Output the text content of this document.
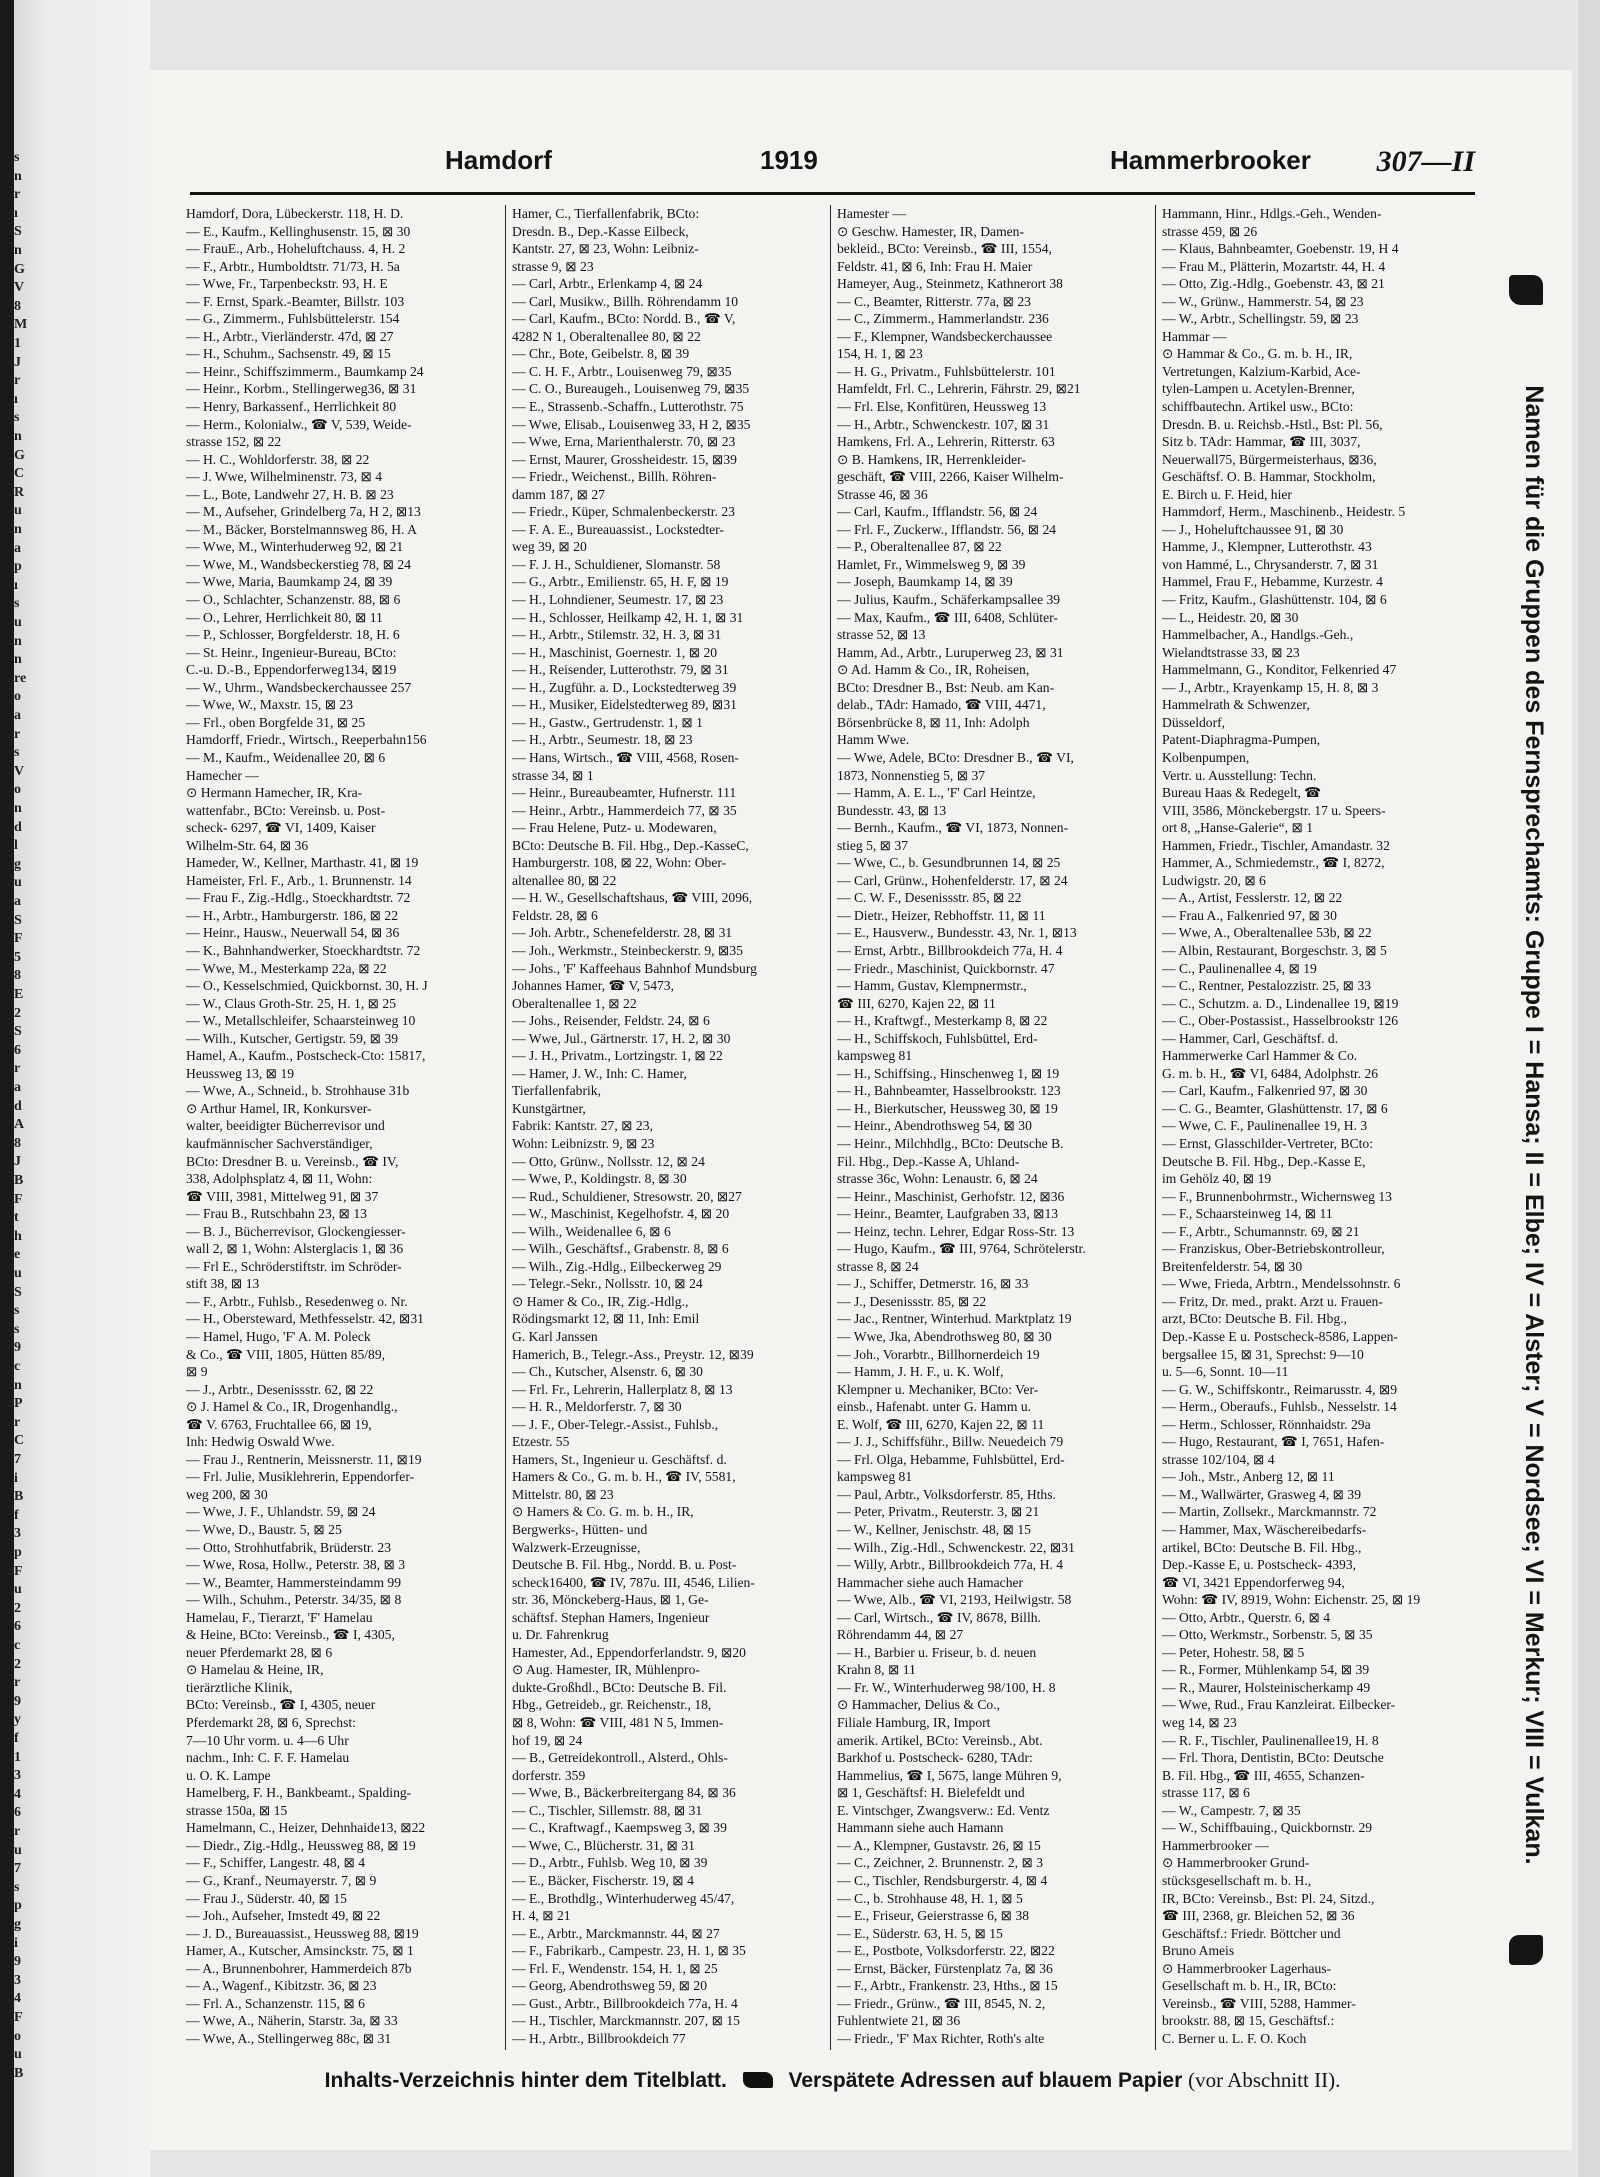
s
n
r
ı
S
n
G
V
8
M
1
J
r
ı
s
n
G
C
R
u
n
a
p
ı
s
u
n
n
re
o
a
r
s
V
o
n
d
l
g
u
a
S
F
5
8
E
2
S
6
r
a
d
A
8
J
B
F
t
h
e
u
S
s
s
9
c
n
P
r
C
7
i
B
f
3
p
F
u
2
6
c
2
r
9
y
f
1
3
4
6
r
u
7
s
p
g
i
9
3
4
F
o
u
B
Hamdorf	1919	Hammerbrooker 307—II
Hamdorf, Dora, Lübeckerstr. 118, H. D.
— E., Kaufm., Kellinghusenstr. 15, ⊠ 30
— FrauE., Arb., Hoheluftchauss. 4, H. 2
— F., Arbtr., Humboldtstr. 71/73, H. 5a
— Wwe, Fr., Tarpenbeckstr. 93, H. E
— F. Ernst, Spark.-Beamter, Billstr. 103
— G., Zimmerm., Fuhlsbüttelerstr. 154
— H., Arbtr., Vierländerstr. 47d, ⊠ 27
— H., Schuhm., Sachsenstr. 49, ⊠ 15
— Heinr., Schiffszimmerm., Baumkamp 24
— Heinr., Korbm., Stellingerweg36, ⊠ 31
— Henry, Barkassenf., Herrlichkeit 80
— Herm., Kolonialw., ☎ V, 539, Weide-
strasse 152, ⊠ 22
— H. C., Wohldorferstr. 38, ⊠ 22
— J. Wwe, Wilhelminenstr. 73, ⊠ 4
— L., Bote, Landwehr 27, H. B. ⊠ 23
— M., Aufseher, Grindelberg 7a, H 2, ⊠13
— M., Bäcker, Borstelmannsweg 86, H. A
— Wwe, M., Winterhuderweg 92, ⊠ 21
— Wwe, M., Wandsbeckerstieg 78, ⊠ 24
— Wwe, Maria, Baumkamp 24, ⊠ 39
— O., Schlachter, Schanzenstr. 88, ⊠ 6
— O., Lehrer, Herrlichkeit 80, ⊠ 11
— P., Schlosser, Borgfelderstr. 18, H. 6
— St. Heinr., Ingenieur-Bureau, BCto:
C.-u. D.-B., Eppendorferweg134, ⊠19
— W., Uhrm., Wandsbeckerchaussee 257
— Wwe, W., Maxstr. 15, ⊠ 23
— Frl., oben Borgfelde 31, ⊠ 25
Hamdorff, Friedr., Wirtsch., Reeperbahn156
— M., Kaufm., Weidenallee 20, ⊠ 6
Hamecher —
⊙ Hermann Hamecher, IR, Kra-
wattenfabr., BCto: Vereinsb. u. Post-
scheck- 6297, ☎ VI, 1409, Kaiser
Wilhelm-Str. 64, ⊠ 36
Hameder, W., Kellner, Marthastr. 41, ⊠ 19
Hameister, Frl. F., Arb., 1. Brunnenstr. 14
— Frau F., Zig.-Hdlg., Stoeckhardtstr. 72
— H., Arbtr., Hamburgerstr. 186, ⊠ 22
— Heinr., Hausw., Neuerwall 54, ⊠ 36
— K., Bahnhandwerker, Stoeckhardtstr. 72
— Wwe, M., Mesterkamp 22a, ⊠ 22
— O., Kesselschmied, Quickbornst. 30, H. J
— W., Claus Groth-Str. 25, H. 1, ⊠ 25
— W., Metallschleifer, Schaarsteinweg 10
— Wilh., Kutscher, Gertigstr. 59, ⊠ 39
Hamel, A., Kaufm., Postscheck-Cto: 15817,
Heussweg 13, ⊠ 19
— Wwe, A., Schneid., b. Strohhause 31b
⊙ Arthur Hamel, IR, Konkursver-
walter, beeidigter Bücherrevisor und
kaufmännischer Sachverständiger,
BCto: Dresdner B. u. Vereinsb., ☎ IV,
338, Adolphsplatz 4, ⊠ 11, Wohn:
☎ VIII, 3981, Mittelweg 91, ⊠ 37
— Frau B., Rutschbahn 23, ⊠ 13
— B. J., Bücherrevisor, Glockengiesser-
wall 2, ⊠ 1, Wohn: Alsterglacis 1, ⊠ 36
— Frl E., Schröderstiftstr. im Schröder-
stift 38, ⊠ 13
— F., Arbtr., Fuhlsb., Resedenweg o. Nr.
— H., Obersteward, Methfesselstr. 42, ⊠31
— Hamel, Hugo, 'F' A. M. Poleck
& Co., ☎ VIII, 1805, Hütten 85/89,
⊠ 9
— J., Arbtr., Desenissstr. 62, ⊠ 22
⊙ J. Hamel & Co., IR, Drogenhandlg.,
☎ V. 6763, Fruchtallee 66, ⊠ 19,
Inh: Hedwig Oswald Wwe.
— Frau J., Rentnerin, Meissnerstr. 11, ⊠19
— Frl. Julie, Musiklehrerin, Eppendorfer-
weg 200, ⊠ 30
— Wwe, J. F., Uhlandstr. 59, ⊠ 24
— Wwe, D., Baustr. 5, ⊠ 25
— Otto, Strohhutfabrik, Brüderstr. 23
— Wwe, Rosa, Hollw., Peterstr. 38, ⊠ 3
— W., Beamter, Hammersteindamm 99
— Wilh., Schuhm., Peterstr. 34/35, ⊠ 8
Hamelau, F., Tierarzt, 'F' Hamelau
& Heine, BCto: Vereinsb., ☎ I, 4305,
neuer Pferdemarkt 28, ⊠ 6
⊙ Hamelau & Heine, IR,
tierärztliche Klinik,
BCto: Vereinsb., ☎ I, 4305, neuer
Pferdemarkt 28, ⊠ 6, Sprechst:
7—10 Uhr vorm. u. 4—6 Uhr
nachm., Inh: C. F. F. Hamelau
u. O. K. Lampe
Hamelberg, F. H., Bankbeamt., Spalding-
strasse 150a, ⊠ 15
Hamelmann, C., Heizer, Dehnhaide13, ⊠22
— Diedr., Zig.-Hdlg., Heussweg 88, ⊠ 19
— F., Schiffer, Langestr. 48, ⊠ 4
— G., Kranf., Neumayerstr. 7, ⊠ 9
— Frau J., Süderstr. 40, ⊠ 15
— Joh., Aufseher, Imstedt 49, ⊠ 22
— J. D., Bureauassist., Heussweg 88, ⊠19
Hamer, A., Kutscher, Amsinckstr. 75, ⊠ 1
— A., Brunnenbohrer, Hammerdeich 87b
— A., Wagenf., Kibitzstr. 36, ⊠ 23
— Frl. A., Schanzenstr. 115, ⊠ 6
— Wwe, A., Näherin, Starstr. 3a, ⊠ 33
— Wwe, A., Stellingerweg 88c, ⊠ 31
Hamer, C., Tierfallenfabrik, BCto:
Dresdn. B., Dep.-Kasse Eilbeck,
Kantstr. 27, ⊠ 23, Wohn: Leibniz-
strasse 9, ⊠ 23
— Carl, Arbtr., Erlenkamp 4, ⊠ 24
— Carl, Musikw., Billh. Röhrendamm 10
— Carl, Kaufm., BCto: Nordd. B., ☎ V,
4282 N 1, Oberaltenallee 80, ⊠ 22
— Chr., Bote, Geibelstr. 8, ⊠ 39
— C. H. F., Arbtr., Louisenweg 79, ⊠35
— C. O., Bureaugeh., Louisenweg 79, ⊠35
— E., Strassenb.-Schaffn., Lutterothstr. 75
— Wwe, Elisab., Louisenweg 33, H 2, ⊠35
— Wwe, Erna, Marienthalerstr. 70, ⊠ 23
— Ernst, Maurer, Grossheidestr. 15, ⊠39
— Friedr., Weichenst., Billh. Röhren-
damm 187, ⊠ 27
— Friedr., Küper, Schmalenbeckerstr. 23
— F. A. E., Bureauassist., Lockstedter-
weg 39, ⊠ 20
— F. J. H., Schuldiener, Slomanstr. 58
— G., Arbtr., Emilienstr. 65, H. F, ⊠ 19
— H., Lohndiener, Seumestr. 17, ⊠ 23
— H., Schlosser, Heilkamp 42, H. 1, ⊠ 31
— H., Arbtr., Stilemstr. 32, H. 3, ⊠ 31
— H., Maschinist, Goernestr. 1, ⊠ 20
— H., Reisender, Lutterothstr. 79, ⊠ 31
— H., Zugführ. a. D., Lockstedterweg 39
— H., Musiker, Eidelstedterweg 89, ⊠31
— H., Gastw., Gertrudenstr. 1, ⊠ 1
— H., Arbtr., Seumestr. 18, ⊠ 23
— Hans, Wirtsch., ☎ VIII, 4568, Rosen-
strasse 34, ⊠ 1
— Heinr., Bureaubeamter, Hufnerstr. 111
— Heinr., Arbtr., Hammerdeich 77, ⊠ 35
— Frau Helene, Putz- u. Modewaren,
BCto: Deutsche B. Fil. Hbg., Dep.-KasseC,
Hamburgerstr. 108, ⊠ 22, Wohn: Ober-
altenallee 80, ⊠ 22
— H. W., Gesellschaftshaus, ☎ VIII, 2096,
Feldstr. 28, ⊠ 6
— Joh. Arbtr., Schenefelderstr. 28, ⊠ 31
— Joh., Werkmstr., Steinbeckerstr. 9, ⊠35
— Johs., 'F' Kaffeehaus Bahnhof Mundsburg
Johannes Hamer, ☎ V, 5473,
Oberaltenallee 1, ⊠ 22
— Johs., Reisender, Feldstr. 24, ⊠ 6
— Wwe, Jul., Gärtnerstr. 17, H. 2, ⊠ 30
— J. H., Privatm., Lortzingstr. 1, ⊠ 22
— Hamer, J. W., Inh: C. Hamer,
Tierfallenfabrik,
Kunstgärtner,
Fabrik: Kantstr. 27, ⊠ 23,
Wohn: Leibnizstr. 9, ⊠ 23
— Otto, Grünw., Nollsstr. 12, ⊠ 24
— Wwe, P., Koldingstr. 8, ⊠ 30
— Rud., Schuldiener, Stresowstr. 20, ⊠27
— W., Maschinist, Kegelhofstr. 4, ⊠ 20
— Wilh., Weidenallee 6, ⊠ 6
— Wilh., Geschäftsf., Grabenstr. 8, ⊠ 6
— Wilh., Zig.-Hdlg., Eilbeckerweg 29
— Telegr.-Sekr., Nollsstr. 10, ⊠ 24
⊙ Hamer & Co., IR, Zig.-Hdlg.,
Rödingsmarkt 12, ⊠ 11, Inh: Emil
G. Karl Janssen
Hamerich, B., Telegr.-Ass., Preystr. 12, ⊠39
— Ch., Kutscher, Alsenstr. 6, ⊠ 30
— Frl. Fr., Lehrerin, Hallerplatz 8, ⊠ 13
— H. R., Meldorferstr. 7, ⊠ 30
— J. F., Ober-Telegr.-Assist., Fuhlsb.,
Etzestr. 55
Hamers, St., Ingenieur u. Geschäftsf. d.
Hamers & Co., G. m. b. H., ☎ IV, 5581,
Mittelstr. 80, ⊠ 23
⊙ Hamers & Co. G. m. b. H., IR,
Bergwerks-, Hütten- und
Walzwerk-Erzeugnisse,
Deutsche B. Fil. Hbg., Nordd. B. u. Post-
scheck16400, ☎ IV, 787u. III, 4546, Lilien-
str. 36, Mönckeberg-Haus, ⊠ 1, Ge-
schäftsf. Stephan Hamers, Ingenieur
u. Dr. Fahrenkrug
Hamester, Ad., Eppendorferlandstr. 9, ⊠20
⊙ Aug. Hamester, IR, Mühlenpro-
dukte-Großhdl., BCto: Deutsche B. Fil.
Hbg., Getreideb., gr. Reichenstr., 18,
⊠ 8, Wohn: ☎ VIII, 481 N 5, Immen-
hof 19, ⊠ 24
— B., Getreidekontroll., Alsterd., Ohls-
dorferstr. 359
— Wwe, B., Bäckerbreitergang 84, ⊠ 36
— C., Tischler, Sillemstr. 88, ⊠ 31
— C., Kraftwagf., Kaempsweg 3, ⊠ 39
— Wwe, C., Blücherstr. 31, ⊠ 31
— D., Arbtr., Fuhlsb. Weg 10, ⊠ 39
— E., Bäcker, Fischerstr. 19, ⊠ 4
— E., Brothdlg., Winterhuderweg 45/47,
H. 4, ⊠ 21
— E., Arbtr., Marckmannstr. 44, ⊠ 27
— F., Fabrikarb., Campestr. 23, H. 1, ⊠ 35
— Frl. F., Wendenstr. 154, H. 1, ⊠ 25
— Georg, Abendrothsweg 59, ⊠ 20
— Gust., Arbtr., Billbrookdeich 77a, H. 4
— H., Tischler, Marckmannstr. 207, ⊠ 15
— H., Arbtr., Billbrookdeich 77
Hamester —
⊙ Geschw. Hamester, IR, Damen-
bekleid., BCto: Vereinsb., ☎ III, 1554,
Feldstr. 41, ⊠ 6, Inh: Frau H. Maier
Hameyer, Aug., Steinmetz, Kathnerort 38
— C., Beamter, Ritterstr. 77a, ⊠ 23
— C., Zimmerm., Hammerlandstr. 236
— F., Klempner, Wandsbeckerchaussee
154, H. 1, ⊠ 23
— H. G., Privatm., Fuhlsbüttelerstr. 101
Hamfeldt, Frl. C., Lehrerin, Fährstr. 29, ⊠21
— Frl. Else, Konfitüren, Heussweg 13
— H., Arbtr., Schwenckestr. 107, ⊠ 31
Hamkens, Frl. A., Lehrerin, Ritterstr. 63
⊙ B. Hamkens, IR, Herrenkleider-
geschäft, ☎ VIII, 2266, Kaiser Wilhelm-
Strasse 46, ⊠ 36
— Carl, Kaufm., Ifflandstr. 56, ⊠ 24
— Frl. F., Zuckerw., Ifflandstr. 56, ⊠ 24
— P., Oberaltenallee 87, ⊠ 22
Hamlet, Fr., Wimmelsweg 9, ⊠ 39
— Joseph, Baumkamp 14, ⊠ 39
— Julius, Kaufm., Schäferkampsallee 39
— Max, Kaufm., ☎ III, 6408, Schlüter-
strasse 52, ⊠ 13
Hamm, Ad., Arbtr., Luruperweg 23, ⊠ 31
⊙ Ad. Hamm & Co., IR, Roheisen,
BCto: Dresdner B., Bst: Neub. am Kan-
delab., TAdr: Hamado, ☎ VIII, 4471,
Börsenbrücke 8, ⊠ 11, Inh: Adolph
Hamm Wwe.
— Wwe, Adele, BCto: Dresdner B., ☎ VI,
1873, Nonnenstieg 5, ⊠ 37
— Hamm, A. E. L., 'F' Carl Heintze,
Bundesstr. 43, ⊠ 13
— Bernh., Kaufm., ☎ VI, 1873, Nonnen-
stieg 5, ⊠ 37
— Wwe, C., b. Gesundbrunnen 14, ⊠ 25
— Carl, Grünw., Hohenfelderstr. 17, ⊠ 24
— C. W. F., Desenissstr. 85, ⊠ 22
— Dietr., Heizer, Rebhoffstr. 11, ⊠ 11
— E., Hausverw., Bundesstr. 43, Nr. 1, ⊠13
— Ernst, Arbtr., Billbrookdeich 77a, H. 4
— Friedr., Maschinist, Quickbornstr. 47
— Hamm, Gustav, Klempnermstr.,
☎ III, 6270, Kajen 22, ⊠ 11
— H., Kraftwgf., Mesterkamp 8, ⊠ 22
— H., Schiffskoch, Fuhlsbüttel, Erd-
kampsweg 81
— H., Schiffsing., Hinschenweg 1, ⊠ 19
— H., Bahnbeamter, Hasselbrookstr. 123
— H., Bierkutscher, Heussweg 30, ⊠ 19
— Heinr., Abendrothsweg 54, ⊠ 30
— Heinr., Milchhdlg., BCto: Deutsche B.
Fil. Hbg., Dep.-Kasse A, Uhland-
strasse 36c, Wohn: Lenaustr. 6, ⊠ 24
— Heinr., Maschinist, Gerhofstr. 12, ⊠36
— Heinr., Beamter, Laufgraben 33, ⊠13
— Heinz, techn. Lehrer, Edgar Ross-Str. 13
— Hugo, Kaufm., ☎ III, 9764, Schrötelerstr.
strasse 8, ⊠ 24
— J., Schiffer, Detmerstr. 16, ⊠ 33
— J., Desenissstr. 85, ⊠ 22
— Jac., Rentner, Winterhud. Marktplatz 19
— Wwe, Jka, Abendrothsweg 80, ⊠ 30
— Joh., Vorarbtr., Billhornerdeich 19
— Hamm, J. H. F., u. K. Wolf,
Klempner u. Mechaniker, BCto: Ver-
einsb., Hafenabt. unter G. Hamm u.
E. Wolf, ☎ III, 6270, Kajen 22, ⊠ 11
— J. J., Schiffsführ., Billw. Neuedeich 79
— Frl. Olga, Hebamme, Fuhlsbüttel, Erd-
kampsweg 81
— Paul, Arbtr., Volksdorferstr. 85, Hths.
— Peter, Privatm., Reuterstr. 3, ⊠ 21
— W., Kellner, Jenischstr. 48, ⊠ 15
— Wilh., Zig.-Hdl., Schwenckestr. 22, ⊠31
— Willy, Arbtr., Billbrookdeich 77a, H. 4
Hammacher siehe auch Hamacher
— Wwe, Alb., ☎ VI, 2193, Heilwigstr. 58
— Carl, Wirtsch., ☎ IV, 8678, Billh.
Röhrendamm 44, ⊠ 27
— H., Barbier u. Friseur, b. d. neuen
Krahn 8, ⊠ 11
— Fr. W., Winterhuderweg 98/100, H. 8
⊙ Hammacher, Delius & Co.,
Filiale Hamburg, IR, Import
amerik. Artikel, BCto: Vereinsb., Abt.
Barkhof u. Postscheck- 6280, TAdr:
Hammelius, ☎ I, 5675, lange Mühren 9,
⊠ 1, Geschäftsf: H. Bielefeldt und
E. Vintschger, Zwangsverw.: Ed. Ventz
Hammann siehe auch Hamann
— A., Klempner, Gustavstr. 26, ⊠ 15
— C., Zeichner, 2. Brunnenstr. 2, ⊠ 3
— C., Tischler, Rendsburgerstr. 4, ⊠ 4
— C., b. Strohhause 48, H. 1, ⊠ 5
— E., Friseur, Geierstrasse 6, ⊠ 38
— E., Süderstr. 63, H. 5, ⊠ 15
— E., Postbote, Volksdorferstr. 22, ⊠22
— Ernst, Bäcker, Fürstenplatz 7a, ⊠ 36
— F., Arbtr., Frankenstr. 23, Hths., ⊠ 15
— Friedr., Grünw., ☎ III, 8545, N. 2,
Fuhlentwiete 21, ⊠ 36
— Friedr., 'F' Max Richter, Roth's alte
Hammann, Hinr., Hdlgs.-Geh., Wenden-
strasse 459, ⊠ 26
— Klaus, Bahnbeamter, Goebenstr. 19, H 4
— Frau M., Plätterin, Mozartstr. 44, H. 4
— Otto, Zig.-Hdlg., Goebenstr. 43, ⊠ 21
— W., Grünw., Hammerstr. 54, ⊠ 23
— W., Arbtr., Schellingstr. 59, ⊠ 23
Hammar —
⊙ Hammar & Co., G. m. b. H., IR,
Vertretungen, Kalzium-Karbid, Ace-
tylen-Lampen u. Acetylen-Brenner,
schiffbautechn. Artikel usw., BCto:
Dresdn. B. u. Reichsb.-Hstl., Bst: Pl. 56,
Sitz b. TAdr: Hammar, ☎ III, 3037,
Neuerwall75, Bürgermeisterhaus, ⊠36,
Geschäftsf. O. B. Hammar, Stockholm,
E. Birch u. F. Heid, hier
Hammdorf, Herm., Maschinenb., Heidestr. 5
— J., Hoheluftchaussee 91, ⊠ 30
Hamme, J., Klempner, Lutterothstr. 43
von Hammé, L., Chrysanderstr. 7, ⊠ 31
Hammel, Frau F., Hebamme, Kurzestr. 4
— Fritz, Kaufm., Glashüttenstr. 104, ⊠ 6
— L., Heidestr. 20, ⊠ 30
Hammelbacher, A., Handlgs.-Geh.,
Wielandtstrasse 33, ⊠ 23
Hammelmann, G., Konditor, Felkenried 47
— J., Arbtr., Krayenkamp 15, H. 8, ⊠ 3
Hammelrath & Schwenzer,
Düsseldorf,
Patent-Diaphragma-Pumpen,
Kolbenpumpen,
Vertr. u. Ausstellung: Techn.
Bureau Haas & Redegelt, ☎
VIII, 3586, Mönckebergstr. 17 u. Speers-
ort 8, „Hanse-Galerie“, ⊠ 1
Hammen, Friedr., Tischler, Amandastr. 32
Hammer, A., Schmiedemstr., ☎ I, 8272,
Ludwigstr. 20, ⊠ 6
— A., Artist, Fesslerstr. 12, ⊠ 22
— Frau A., Falkenried 97, ⊠ 30
— Wwe, A., Oberaltenallee 53b, ⊠ 22
— Albin, Restaurant, Borgeschstr. 3, ⊠ 5
— C., Paulinenallee 4, ⊠ 19
— C., Rentner, Pestalozzistr. 25, ⊠ 33
— C., Schutzm. a. D., Lindenallee 19, ⊠19
— C., Ober-Postassist., Hasselbrookstr 126
— Hammer, Carl, Geschäftsf. d.
Hammerwerke Carl Hammer & Co.
G. m. b. H., ☎ VI, 6484, Adolphstr. 26
— Carl, Kaufm., Falkenried 97, ⊠ 30
— C. G., Beamter, Glashüttenstr. 17, ⊠ 6
— Wwe, C. F., Paulinenallee 19, H. 3
— Ernst, Glasschilder-Vertreter, BCto:
Deutsche B. Fil. Hbg., Dep.-Kasse E,
im Gehölz 40, ⊠ 19
— F., Brunnenbohrmstr., Wichernsweg 13
— F., Schaarsteinweg 14, ⊠ 11
— F., Arbtr., Schumannstr. 69, ⊠ 21
— Franziskus, Ober-Betriebskontrolleur,
Breitenfelderstr. 54, ⊠ 30
— Wwe, Frieda, Arbtrn., Mendelssohnstr. 6
— Fritz, Dr. med., prakt. Arzt u. Frauen-
arzt, BCto: Deutsche B. Fil. Hbg.,
Dep.-Kasse E u. Postscheck-8586, Lappen-
bergsallee 15, ⊠ 31, Sprechst: 9—10
u. 5—6, Sonnt. 10—11
— G. W., Schiffskontr., Reimarusstr. 4, ⊠9
— Herm., Oberaufs., Fuhlsb., Nesselstr. 14
— Herm., Schlosser, Rönnhaidstr. 29a
— Hugo, Restaurant, ☎ I, 7651, Hafen-
strasse 102/104, ⊠ 4
— Joh., Mstr., Anberg 12, ⊠ 11
— M., Wallwärter, Grasweg 4, ⊠ 39
— Martin, Zollsekr., Marckmannstr. 72
— Hammer, Max, Wäschereibedarfs-
artikel, BCto: Deutsche B. Fil. Hbg.,
Dep.-Kasse E, u. Postscheck- 4393,
☎ VI, 3421 Eppendorferweg 94,
Wohn: ☎ IV, 8919, Wohn: Eichenstr. 25, ⊠ 19
— Otto, Arbtr., Querstr. 6, ⊠ 4
— Otto, Werkmstr., Sorbenstr. 5, ⊠ 35
— Peter, Hohestr. 58, ⊠ 5
— R., Former, Mühlenkamp 54, ⊠ 39
— R., Maurer, Holsteinischerkamp 49
— Wwe, Rud., Frau Kanzleirat. Eilbecker-
weg 14, ⊠ 23
— R. F., Tischler, Paulinenallee19, H. 8
— Frl. Thora, Dentistin, BCto: Deutsche
B. Fil. Hbg., ☎ III, 4655, Schanzen-
strasse 117, ⊠ 6
— W., Campestr. 7, ⊠ 35
— W., Schiffbauing., Quickbornstr. 29
Hammerbrooker —
⊙ Hammerbrooker Grund-
stücksgesellschaft m. b. H.,
IR, BCto: Vereinsb., Bst: Pl. 24, Sitzd.,
☎ III, 2368, gr. Bleichen 52, ⊠ 36
Geschäftsf.: Friedr. Böttcher und
Bruno Ameis
⊙ Hammerbrooker Lagerhaus-
Gesellschaft m. b. H., IR, BCto:
Vereinsb., ☎ VIII, 5288, Hammer-
brookstr. 88, ⊠ 15, Geschäftsf.:
C. Berner u. L. F. O. Koch
Namen für die Gruppen des Fernsprechamts: Gruppe I = Hansa; II = Elbe; IV = Alster; V = Nordsee; VI = Merkur; VIII = Vulkan.
Inhalts-Verzeichnis hinter dem Titelblatt.	Verspätete Adressen auf blauem Papier (vor Abschnitt II).
